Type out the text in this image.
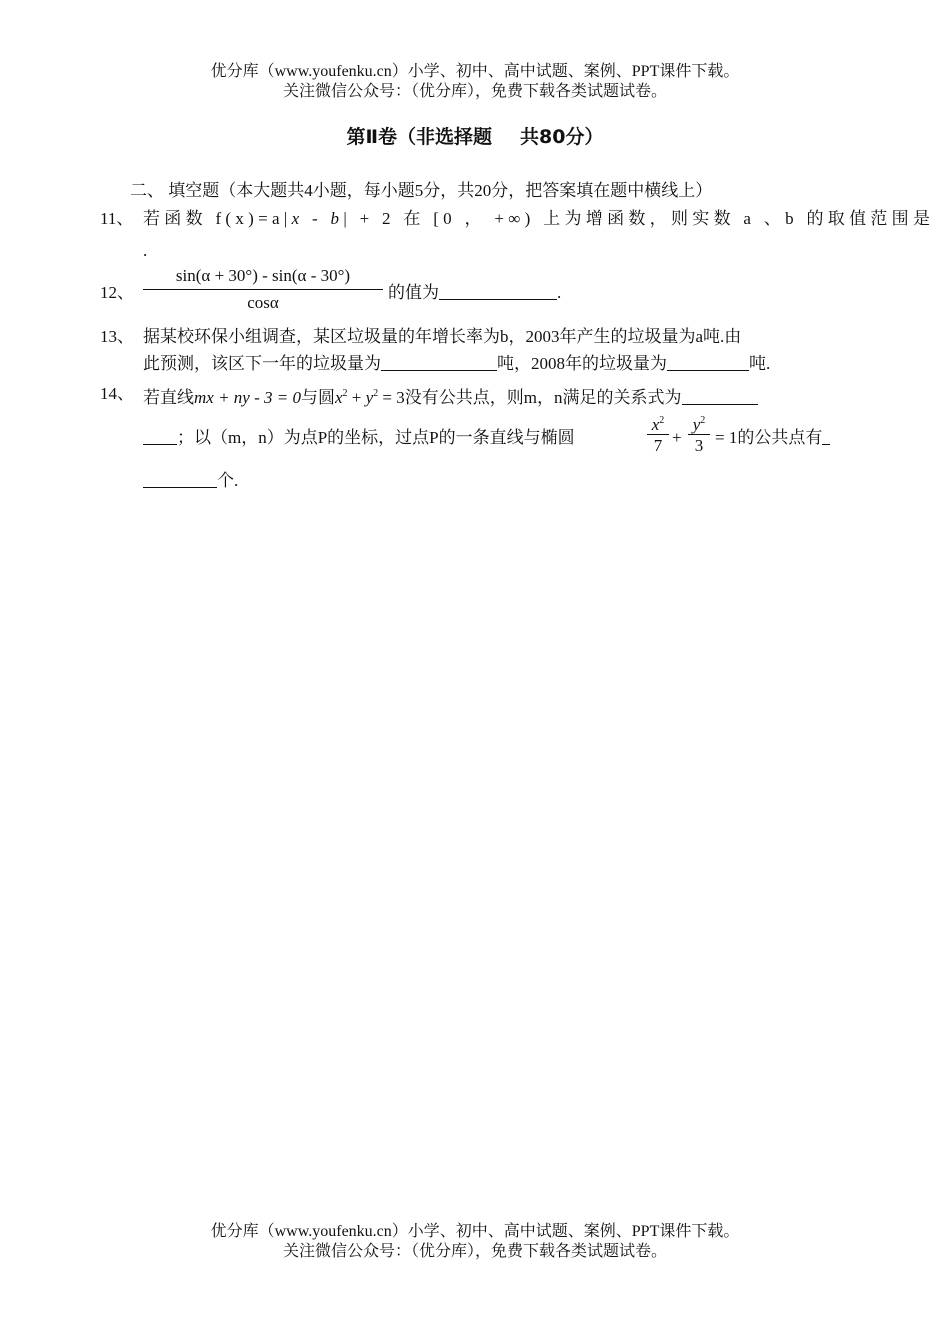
优分库（www.youfenku.cn）小学、初中、高中试题、案例、PPT课件下载。
关注微信公众号：（优分库），免费下载各类试题试卷。
第Ⅱ卷（非选择题 共80分）
二、 填空题（本大题共4小题，每小题5分，共20分，把答案填在题中横线上）
11、 若函数 f(x)=a|x - b| + 2 在 [0 ， +∞) 上为增函数，则实数 a 、b 的取值范围是
.
12、 $\frac{\sin(\alpha + 30^\circ) - \sin(\alpha - 30^\circ)}{\cos\alpha}$ 的值为	.
13、 据某校环保小组调查，某区垃圾量的年增长率为b，2003年产生的垃圾量为a吨.由
此预测，该区下一年的垃圾量为	吨，2008年的垃圾量为	吨.
14、 若直线mx + ny - 3 = 0与圆$x^2 + y^2 = 3$没有公共点，则m，n满足的关系式为
；以（m，n）为点P的坐标，过点P的一条直线与椭圆	$\frac{x^2}{7} + \frac{y^2}{3} = 1$的公共点有
个.
优分库（www.youfenku.cn）小学、初中、高中试题、案例、PPT课件下载。
关注微信公众号：（优分库），免费下载各类试题试卷。
